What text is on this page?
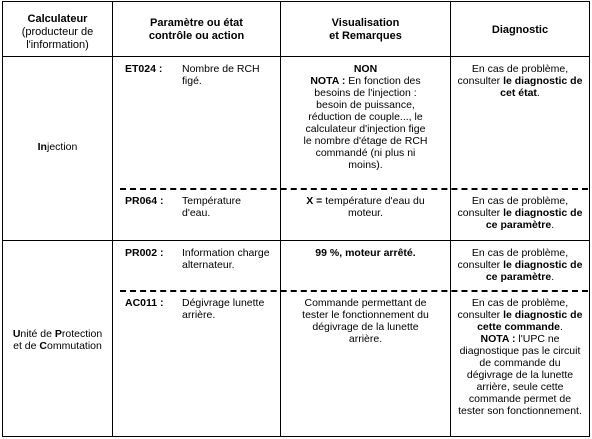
Calculateur
(producteur de
l'information)
Paramètre ou état
contrôle ou action
Visualisation
et Remarques	Diagnostic
Injection
Unité de Protection
et de Commutation
ET024 : Nombre de RCH
figé.
NON
NOTA : En fonction des
besoins de l'injection :
besoin de puissance,
réduction de couple..., le
calculateur d'injection fige
le nombre d'étage de RCH
commandé (ni plus ni
moins).
En cas de problème,
consulter le diagnostic de
cet état.
PR064 : Température
d'eau.
X = température d'eau du
moteur.
En cas de problème,
consulter le diagnostic de
ce paramètre.
PR002 : Information charge
alternateur.
99 %, moteur arrêté.	En cas de problème,
consulter le diagnostic de
ce paramètre.
AC011 : Dégivrage lunette
arrière.
Commande permettant de
tester le fonctionnement du
dégivrage de la lunette
arrière.
En cas de problème,
consulter le diagnostic de
cette commande.
NOTA : l'UPC ne
diagnostique pas le circuit
de commande du
dégivrage de la lunette
arrière, seule cette
commande permet de
tester son fonctionnement.
